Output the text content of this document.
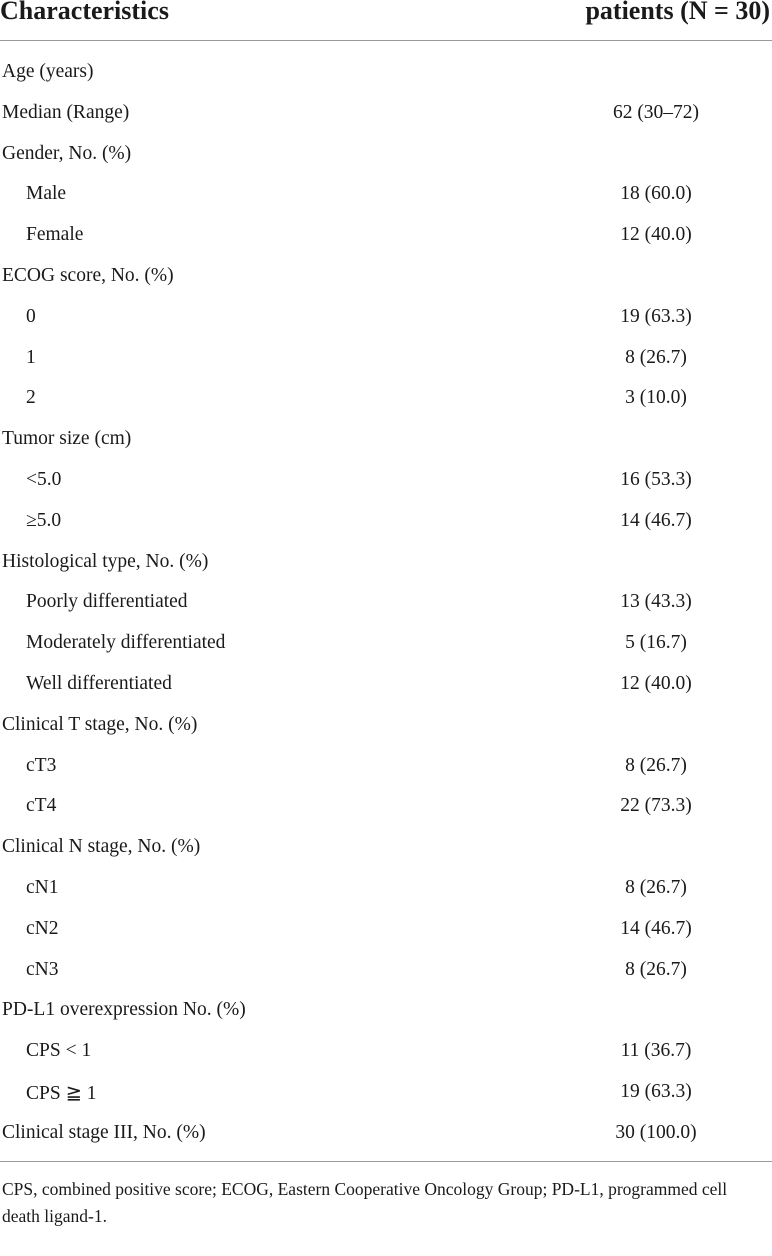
Characteristics	patients (N = 30)
Age (years)
Median (Range)	62 (30–72)
Gender, No. (%)
Male	18 (60.0)
Female	12 (40.0)
ECOG score, No. (%)
0	19 (63.3)
1	8 (26.7)
2	3 (10.0)
Tumor size (cm)
<5.0	16 (53.3)
≥5.0	14 (46.7)
Histological type, No. (%)
Poorly differentiated	13 (43.3)
Moderately differentiated	5 (16.7)
Well differentiated	12 (40.0)
Clinical T stage, No. (%)
cT3	8 (26.7)
cT4	22 (73.3)
Clinical N stage, No. (%)
cN1	8 (26.7)
cN2	14 (46.7)
cN3	8 (26.7)
PD-L1 overexpression No. (%)
CPS < 1	11 (36.7)
CPS ≧ 1	19 (63.3)
Clinical stage III, No. (%)	30 (100.0)
CPS, combined positive score; ECOG, Eastern Cooperative Oncology Group; PD-L1, programmed cell death ligand-1.
